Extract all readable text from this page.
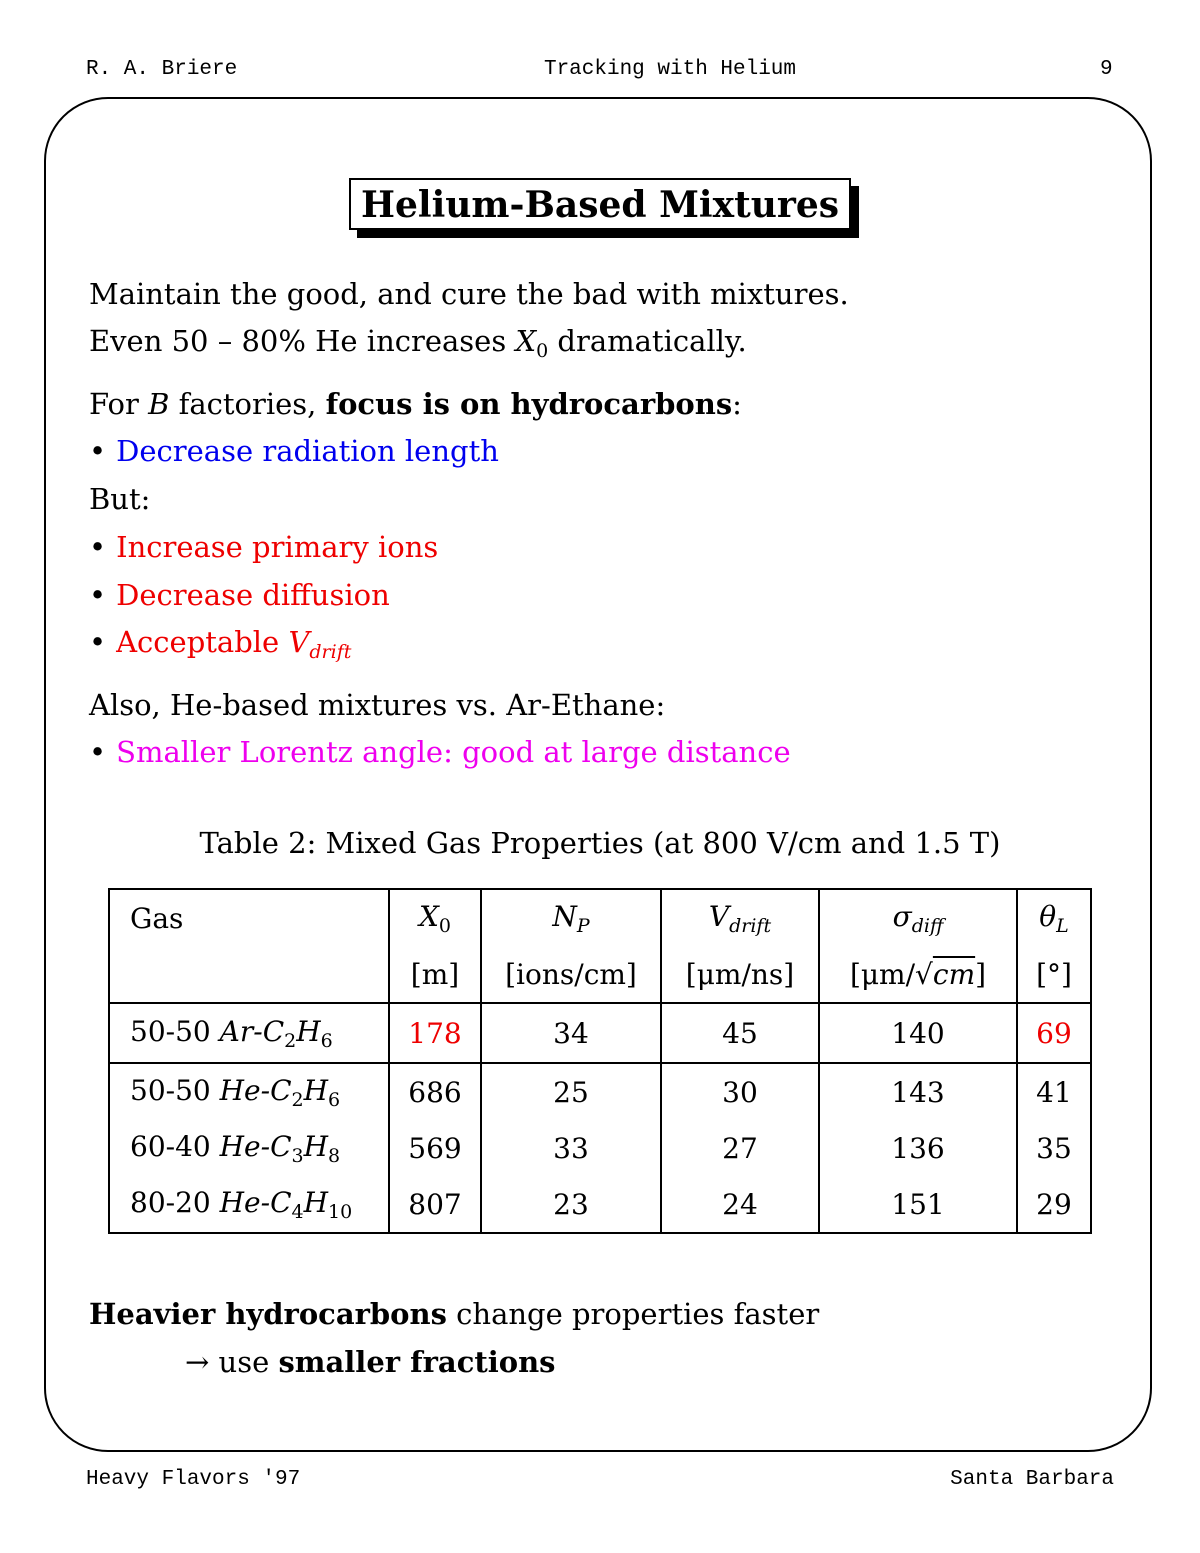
R. A. Briere	Tracking with Helium	9
Helium-Based Mixtures
Maintain the good, and cure the bad with mixtures.
Even 50 – 80% He increases $X_0$ dramatically.
For B factories, focus is on hydrocarbons:
• Decrease radiation length
But:
• Increase primary ions
• Decrease diffusion
• Acceptable $V_{drift}$
Also, He-based mixtures vs. Ar-Ethane:
• Smaller Lorentz angle: good at large distance
Table 2: Mixed Gas Properties (at 800 V/cm and 1.5 T)
Gas	$X_0$	$N_P$	$V_{drift}$	$\sigma_{diff}$	$\theta_L$
	[m]	[ions/cm]	[μm/ns]	[μm/√cm]	[°]
50-50 $Ar-C_2H_6$	178	34	45	140	69
50-50 $He-C_2H_6$	686	25	30	143	41
60-40 $He-C_3H_8$	569	33	27	136	35
80-20 $He-C_4H_{10}$	807	23	24	151	29
Heavier hydrocarbons change properties faster
→ use smaller fractions
Heavy Flavors '97	Santa Barbara
